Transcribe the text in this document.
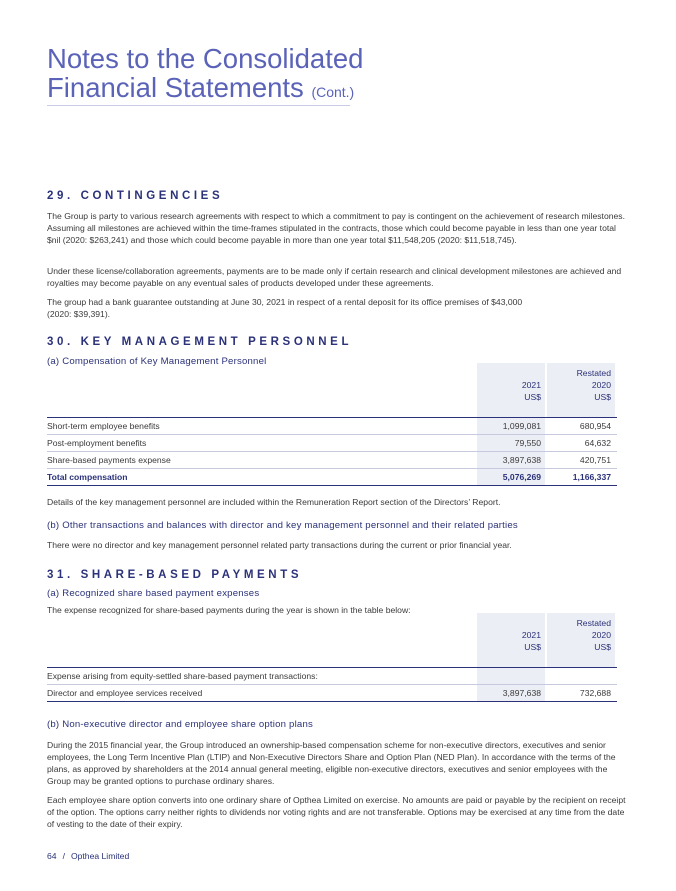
Notes to the Consolidated
Financial Statements (Cont.)
29. CONTINGENCIES
The Group is party to various research agreements with respect to which a commitment to pay is contingent on the achievement of research milestones. Assuming all milestones are achieved within the time-frames stipulated in the contracts, those which could become payable in less than one year total $nil (2020: $263,241) and those which could become payable in more than one year total $11,548,205 (2020: $11,518,745).
Under these license/collaboration agreements, payments are to be made only if certain research and clinical development milestones are achieved and royalties may become payable on any eventual sales of products developed under these agreements.
The group had a bank guarantee outstanding at June 30, 2021 in respect of a rental deposit for its office premises of $43,000
(2020: $39,391).
30. KEY MANAGEMENT PERSONNEL
(a) Compensation of Key Management Personnel

2021
US$
Restated
2020
US$
Short-term employee benefits	1,099,081	680,954
Post-employment benefits	79,550	64,632
Share-based payments expense	3,897,638	420,751
Total compensation	5,076,269	1,166,337
Details of the key management personnel are included within the Remuneration Report section of the Directors’ Report.
(b) Other transactions and balances with director and key management personnel and their related parties
There were no director and key management personnel related party transactions during the current or prior financial year.
31. SHARE-BASED PAYMENTS
(a) Recognized share based payment expenses
The expense recognized for share-based payments during the year is shown in the table below:

2021
US$
Restated
2020
US$
Expense arising from equity-settled share-based payment transactions:
Director and employee services received	3,897,638	732,688
(b) Non-executive director and employee share option plans
During the 2015 financial year, the Group introduced an ownership-based compensation scheme for non-executive directors, executives and senior employees, the Long Term Incentive Plan (LTIP) and Non-Executive Directors Share and Option Plan (NED Plan). In accordance with the terms of the plans, as approved by shareholders at the 2014 annual general meeting, eligible non-executive directors, executives and senior employees with the Group may be granted options to purchase ordinary shares.
Each employee share option converts into one ordinary share of Opthea Limited on exercise. No amounts are paid or payable by the recipient on receipt of the option. The options carry neither rights to dividends nor voting rights and are not transferable. Options may be exercised at any time from the date of vesting to the date of their expiry.
64 / Opthea Limited
